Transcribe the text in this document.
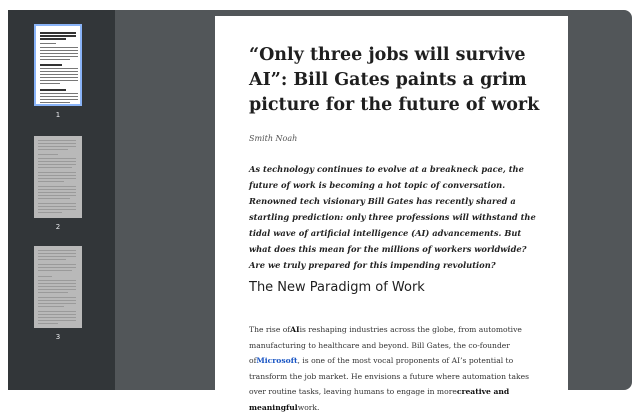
1
2
3
“Only three jobs will survive AI”: Bill Gates paints a grim picture for the future of work
Smith Noah
As technology continues to evolve at a breakneck pace, the future of work is becoming a hot topic of conversation. Renowned tech visionary Bill Gates has recently shared a startling prediction: only three professions will withstand the tidal wave of artificial intelligence (AI) advancements. But what does this mean for the millions of workers worldwide? Are we truly prepared for this impending revolution?
The New Paradigm of Work
The rise ofAIis reshaping industries across the globe, from automotive manufacturing to healthcare and beyond. Bill Gates, the co-founder ofMicrosoft, is one of the most vocal proponents of AI’s potential to transform the job market. He envisions a future where automation takes over routine tasks, leaving humans to engage in morecreative and meaningfulwork.
